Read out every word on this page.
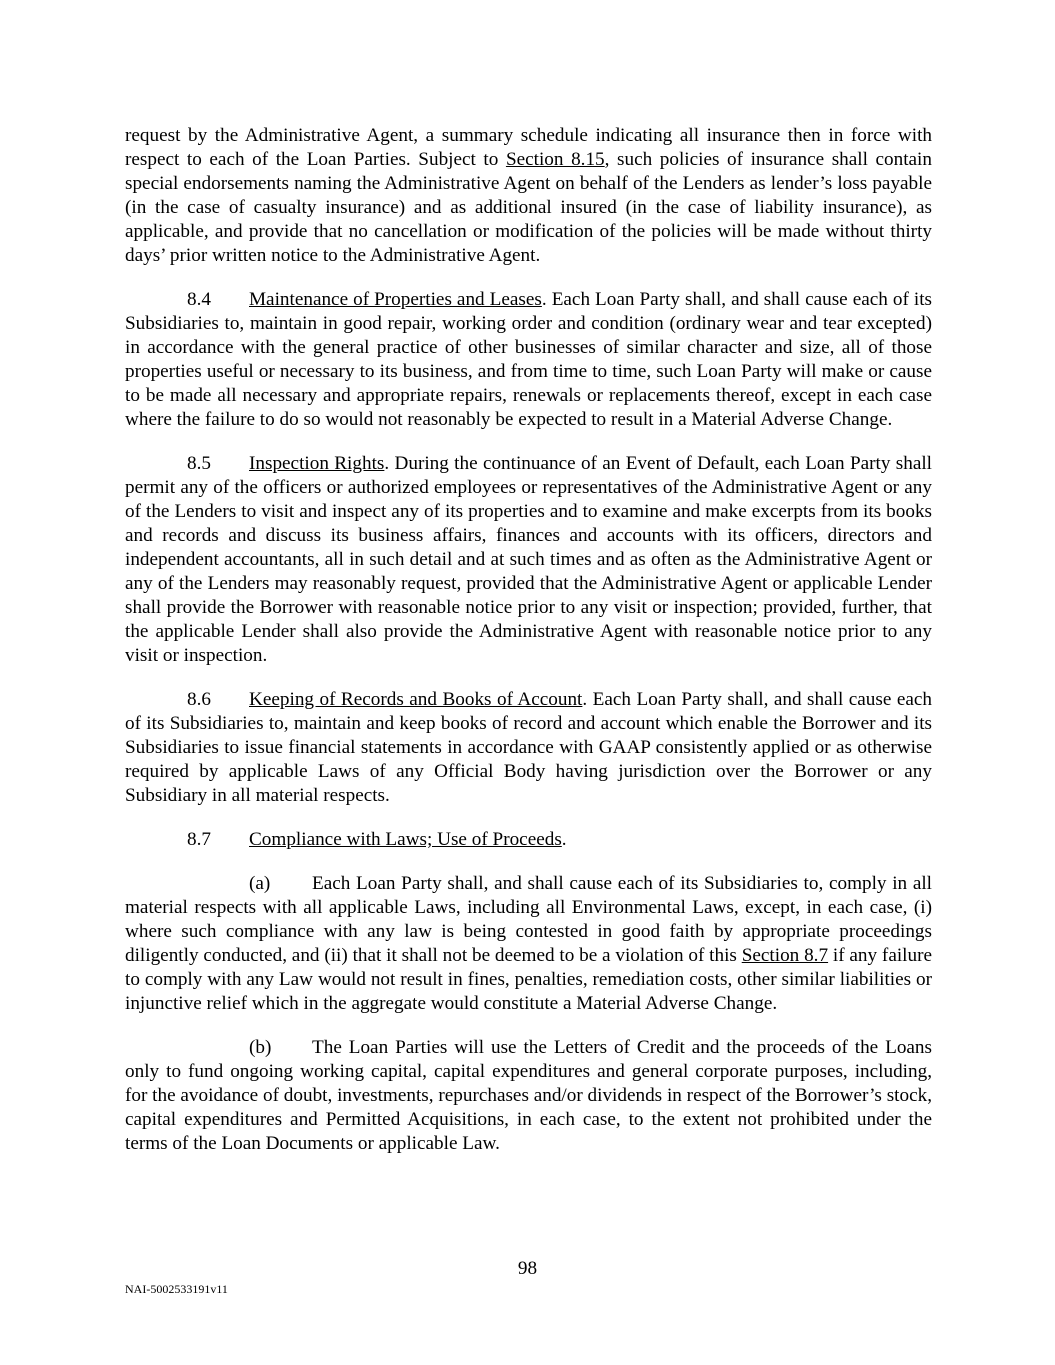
request by the Administrative Agent, a summary schedule indicating all insurance then in force with respect to each of the Loan Parties. Subject to Section 8.15, such policies of insurance shall contain special endorsements naming the Administrative Agent on behalf of the Lenders as lender’s loss payable (in the case of casualty insurance) and as additional insured (in the case of liability insurance), as applicable, and provide that no cancellation or modification of the policies will be made without thirty days’ prior written notice to the Administrative Agent.

8.4 Maintenance of Properties and Leases. Each Loan Party shall, and shall cause each of its Subsidiaries to, maintain in good repair, working order and condition (ordinary wear and tear excepted) in accordance with the general practice of other businesses of similar character and size, all of those properties useful or necessary to its business, and from time to time, such Loan Party will make or cause to be made all necessary and appropriate repairs, renewals or replacements thereof, except in each case where the failure to do so would not reasonably be expected to result in a Material Adverse Change.

8.5 Inspection Rights. During the continuance of an Event of Default, each Loan Party shall permit any of the officers or authorized employees or representatives of the Administrative Agent or any of the Lenders to visit and inspect any of its properties and to examine and make excerpts from its books and records and discuss its business affairs, finances and accounts with its officers, directors and independent accountants, all in such detail and at such times and as often as the Administrative Agent or any of the Lenders may reasonably request, provided that the Administrative Agent or applicable Lender shall provide the Borrower with reasonable notice prior to any visit or inspection; provided, further, that the applicable Lender shall also provide the Administrative Agent with reasonable notice prior to any visit or inspection.

8.6 Keeping of Records and Books of Account. Each Loan Party shall, and shall cause each of its Subsidiaries to, maintain and keep books of record and account which enable the Borrower and its Subsidiaries to issue financial statements in accordance with GAAP consistently applied or as otherwise required by applicable Laws of any Official Body having jurisdiction over the Borrower or any Subsidiary in all material respects.

8.7 Compliance with Laws; Use of Proceeds.

(a) Each Loan Party shall, and shall cause each of its Subsidiaries to, comply in all material respects with all applicable Laws, including all Environmental Laws, except, in each case, (i) where such compliance with any law is being contested in good faith by appropriate proceedings diligently conducted, and (ii) that it shall not be deemed to be a violation of this Section 8.7 if any failure to comply with any Law would not result in fines, penalties, remediation costs, other similar liabilities or injunctive relief which in the aggregate would constitute a Material Adverse Change.

(b) The Loan Parties will use the Letters of Credit and the proceeds of the Loans only to fund ongoing working capital, capital expenditures and general corporate purposes, including, for the avoidance of doubt, investments, repurchases and/or dividends in respect of the Borrower’s stock, capital expenditures and Permitted Acquisitions, in each case, to the extent not prohibited under the terms of the Loan Documents or applicable Law.

98
NAI-5002533191v11
